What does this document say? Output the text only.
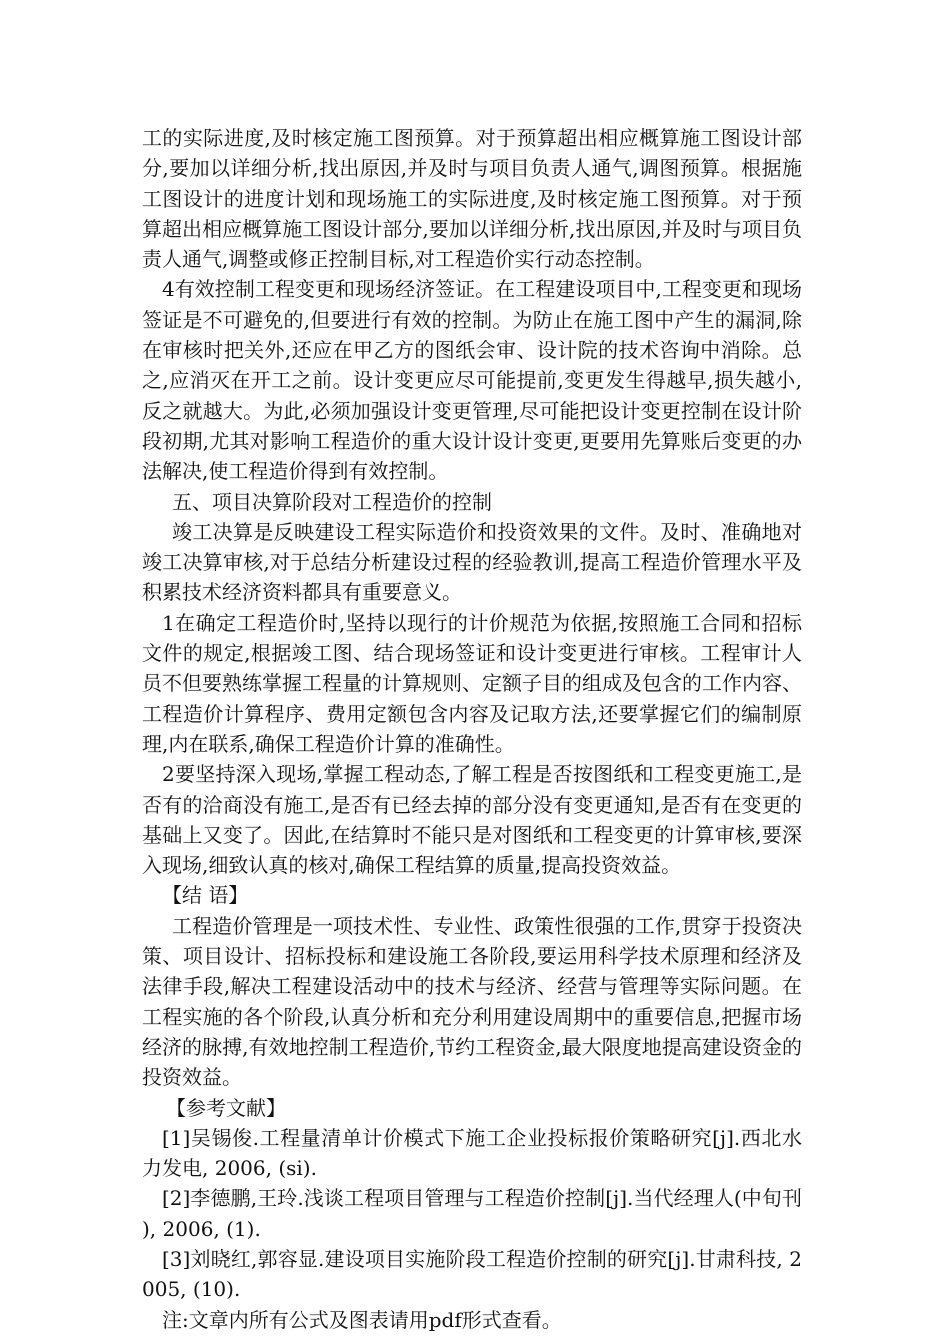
工的实际进度,及时核定施工图预算。对于预算超出相应概算施工图设计部分,要加以详细分析,找出原因,并及时与项目负责人通气,调图预算。根据施工图设计的进度计划和现场施工的实际进度,及时核定施工图预算。对于预算超出相应概算施工图设计部分,要加以详细分析,找出原因,并及时与项目负责人通气,调整或修正控制目标,对工程造价实行动态控制。

4有效控制工程变更和现场经济签证。在工程建设项目中,工程变更和现场签证是不可避免的,但要进行有效的控制。为防止在施工图中产生的漏洞,除在审核时把关外,还应在甲乙方的图纸会审、设计院的技术咨询中消除。总之,应消灭在开工之前。设计变更应尽可能提前,变更发生得越早,损失越小,反之就越大。为此,必须加强设计变更管理,尽可能把设计变更控制在设计阶段初期,尤其对影响工程造价的重大设计设计变更,更要用先算账后变更的办法解决,使工程造价得到有效控制。

五、项目决算阶段对工程造价的控制

竣工决算是反映建设工程实际造价和投资效果的文件。及时、准确地对竣工决算审核,对于总结分析建设过程的经验教训,提高工程造价管理水平及积累技术经济资料都具有重要意义。

1在确定工程造价时,坚持以现行的计价规范为依据,按照施工合同和招标文件的规定,根据竣工图、结合现场签证和设计变更进行审核。工程审计人员不但要熟练掌握工程量的计算规则、定额子目的组成及包含的工作内容、工程造价计算程序、费用定额包含内容及记取方法,还要掌握它们的编制原理,内在联系,确保工程造价计算的准确性。

2要坚持深入现场,掌握工程动态,了解工程是否按图纸和工程变更施工,是否有的洽商没有施工,是否有已经去掉的部分没有变更通知,是否有在变更的基础上又变了。因此,在结算时不能只是对图纸和工程变更的计算审核,要深入现场,细致认真的核对,确保工程结算的质量,提高投资效益。

【结 语】

工程造价管理是一项技术性、专业性、政策性很强的工作,贯穿于投资决策、项目设计、招标投标和建设施工各阶段,要运用科学技术原理和经济及法律手段,解决工程建设活动中的技术与经济、经营与管理等实际问题。在工程实施的各个阶段,认真分析和充分利用建设周期中的重要信息,把握市场经济的脉搏,有效地控制工程造价,节约工程资金,最大限度地提高建设资金的投资效益。

【参考文献】

[1]吴锡俊.工程量清单计价模式下施工企业投标报价策略研究[j].西北水力发电, 2006, (si).

[2]李德鹏,王玲.浅谈工程项目管理与工程造价控制[j].当代经理人(中旬刊), 2006, (1).

[3]刘晓红,郭容显.建设项目实施阶段工程造价控制的研究[j].甘肃科技, 2005, (10).

注:文章内所有公式及图表请用pdf形式查看。
